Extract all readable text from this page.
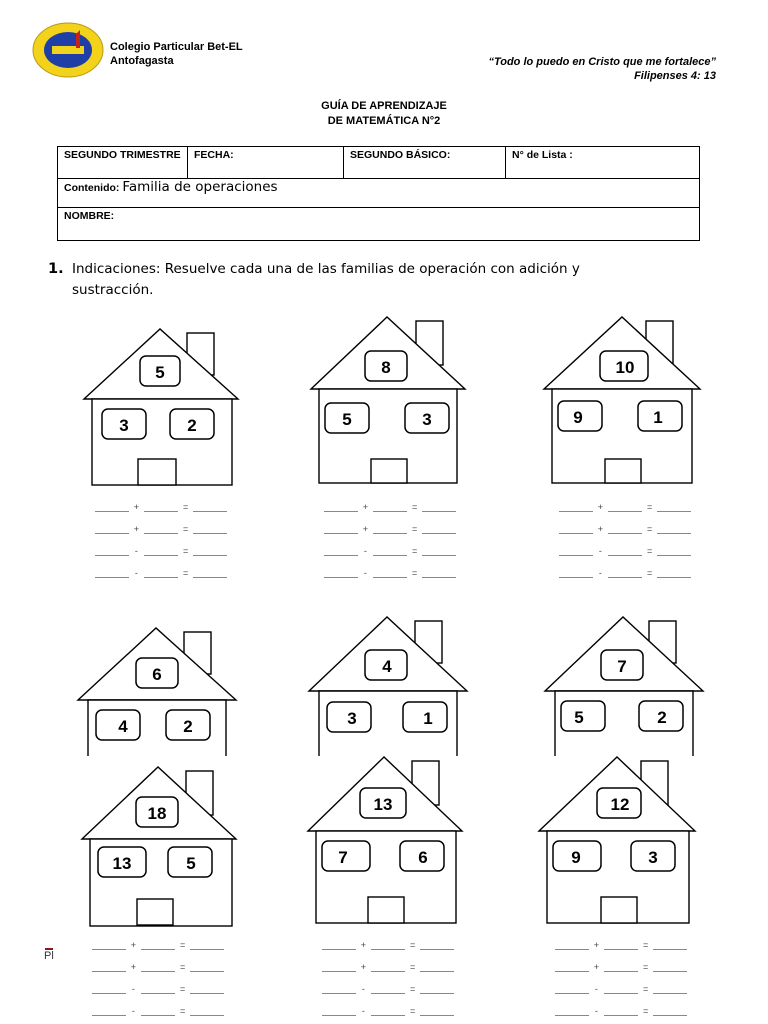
Colegio Particular Bet-EL
Antofagasta	“Todo lo puedo en Cristo que me fortalece”
Filipenses 4: 13
GUÍA DE APRENDIZAJE
DE MATEMÁTICA N°2
SEGUNDO TRIMESTRE	FECHA:	SEGUNDO BÁSICO:	N° de Lista :
Contenido: Familia de operaciones
NOMBRE:
1. Indicaciones: Resuelve cada una de las familias de operación con adición y
sustracción.
5
3	2
8
5	3
10
9	1
6
4	2
4
3	1
7
5	2
18
13	5
13
7	6
12
9	3
+	=
+	=
-	=
-	=
+	=
+	=
-	=
-	=
+	=
+	=
-	=
-	=
+	=
+	=
-	=
-	=
+	=
+	=
-	=
-	=
+	=
+	=
-	=
-	=
Pl
